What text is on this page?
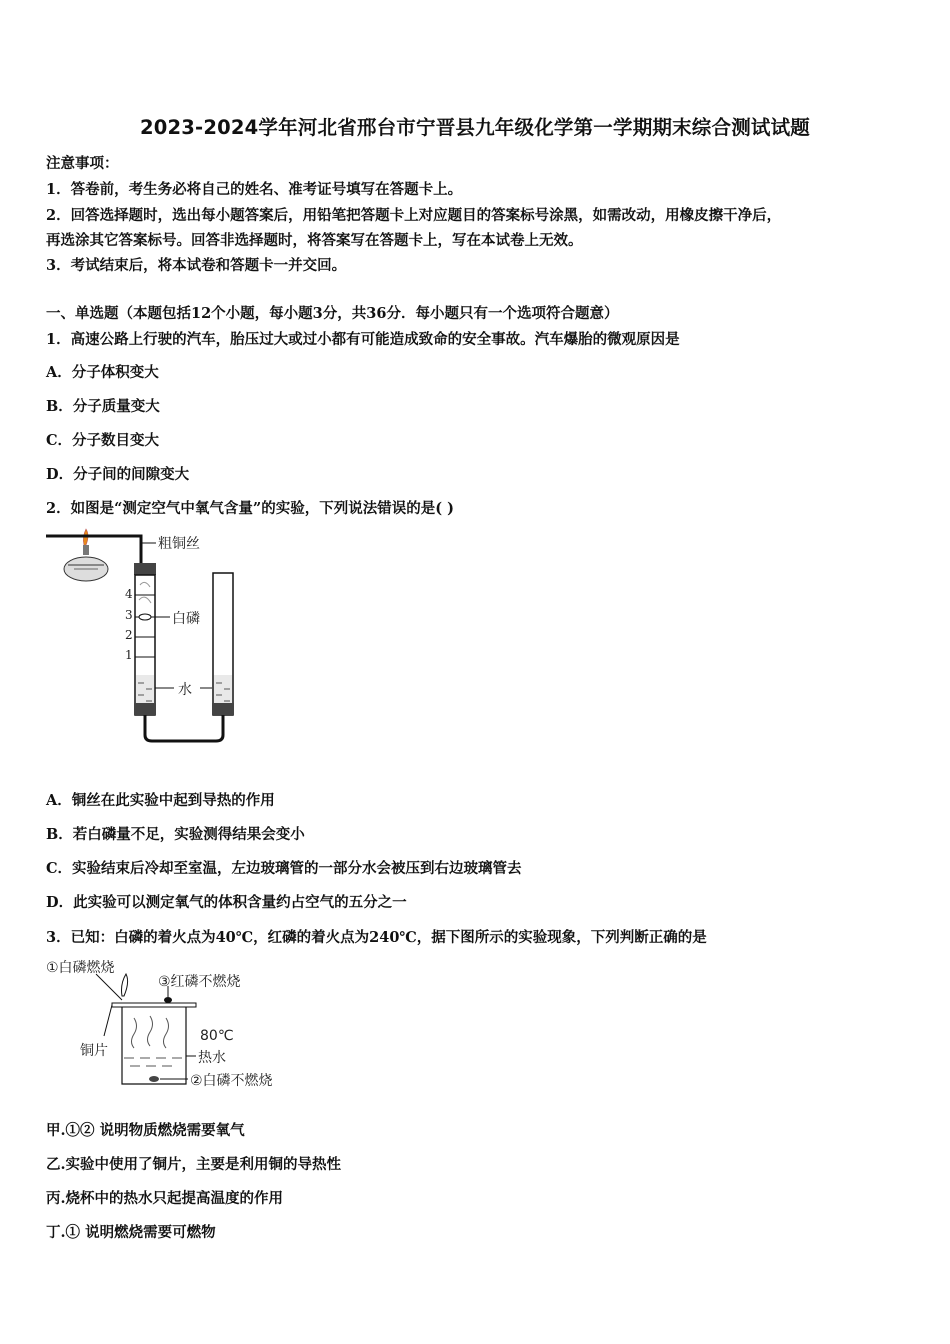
2023-2024学年河北省邢台市宁晋县九年级化学第一学期期末综合测试试题
注意事项：
1．答卷前，考生务必将自己的姓名、准考证号填写在答题卡上。
2．回答选择题时，选出每小题答案后，用铅笔把答题卡上对应题目的答案标号涂黑，如需改动，用橡皮擦干净后，
再选涂其它答案标号。回答非选择题时，将答案写在答题卡上，写在本试卷上无效。
3．考试结束后，将本试卷和答题卡一并交回。
一、单选题（本题包括12个小题，每小题3分，共36分．每小题只有一个选项符合题意）
1．高速公路上行驶的汽车，胎压过大或过小都有可能造成致命的安全事故。汽车爆胎的微观原因是
A．分子体积变大
B．分子质量变大
C．分子数目变大
D．分子间的间隙变大
2．如图是“测定空气中氧气含量”的实验，下列说法错误的是( )
粗铜丝
4
3
2
1
白磷
水
A．铜丝在此实验中起到导热的作用
B．若白磷量不足，实验测得结果会变小
C．实验结束后冷却至室温，左边玻璃管的一部分水会被压到右边玻璃管去
D．此实验可以测定氧气的体积含量约占空气的五分之一
3．已知：白磷的着火点为40℃，红磷的着火点为240℃，据下图所示的实验现象，下列判断正确的是
①白磷燃烧
③红磷不燃烧
80℃
铜片	热水
②白磷不燃烧
甲.①② 说明物质燃烧需要氧气
乙.实验中使用了铜片，主要是利用铜的导热性
丙.烧杯中的热水只起提高温度的作用
丁.① 说明燃烧需要可燃物
